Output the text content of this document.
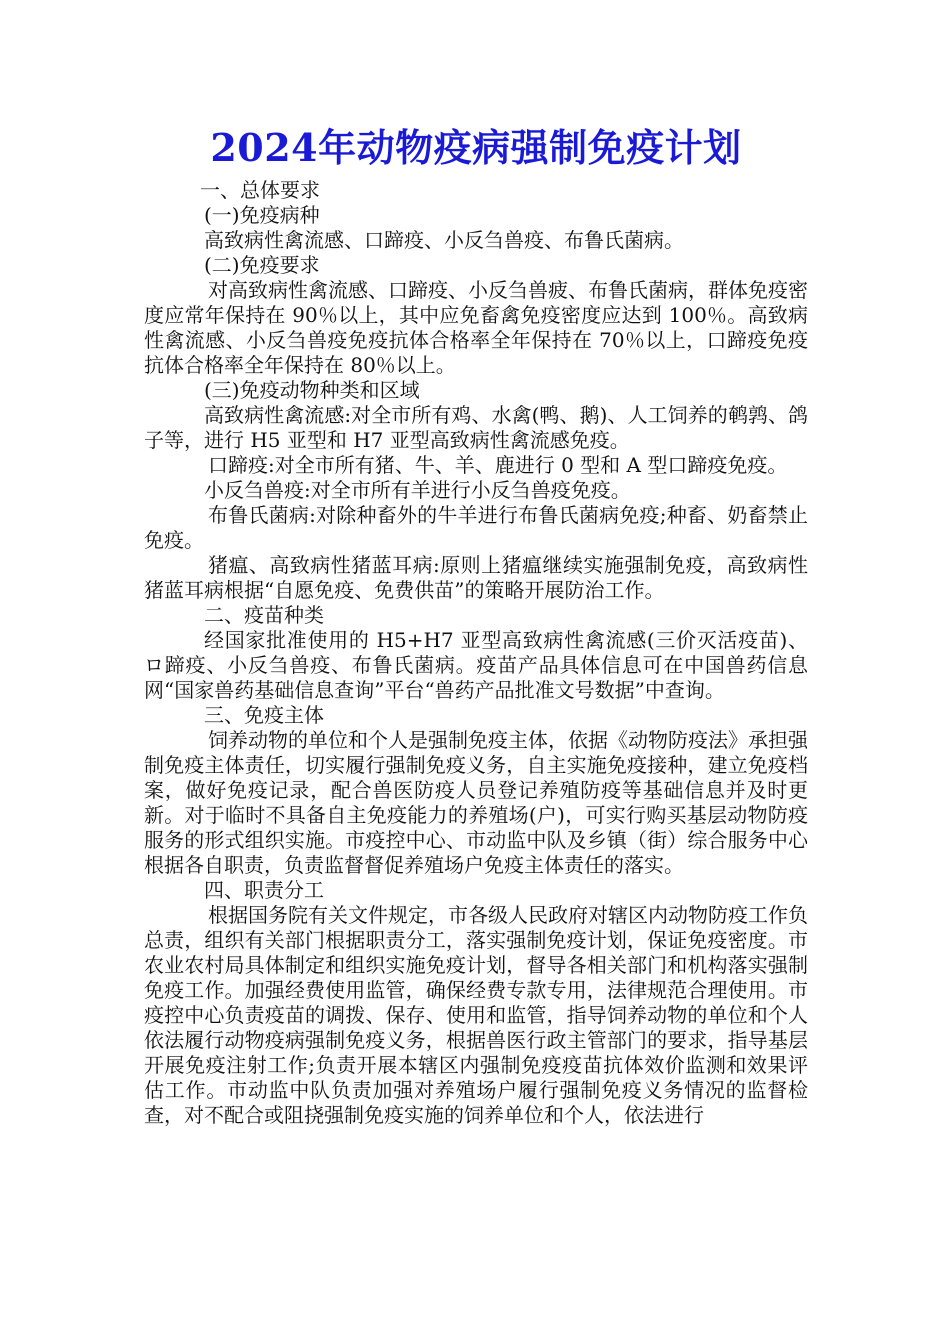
2024年动物疫病强制免疫计划

一、总体要求

(一)免疫病种

高致病性禽流感、口蹄疫、小反刍兽疫、布鲁氏菌病。

(二)免疫要求

对高致病性禽流感、口蹄疫、小反刍兽疲、布鲁氏菌病，群体免疫密度应常年保持在 90％以上，其中应免畜禽免疫密度应达到 100％。高致病性禽流感、小反刍兽疫免疫抗体合格率全年保持在 70％以上，口蹄疫免疫抗体合格率全年保持在 80％以上。

(三)免疫动物种类和区域

高致病性禽流感:对全市所有鸡、水禽(鸭、鹅)、人工饲养的鹌鹑、鸽子等，进行 H5 亚型和 H7 亚型高致病性禽流感免疫。

口蹄疫:对全市所有猪、牛、羊、鹿进行 0 型和 A 型口蹄疫免疫。

小反刍兽疫:对全市所有羊进行小反刍兽疫免疫。

布鲁氏菌病:对除种畜外的牛羊进行布鲁氏菌病免疫;种畜、奶畜禁止免疫。

猪瘟、高致病性猪蓝耳病:原则上猪瘟继续实施强制免疫，高致病性猪蓝耳病根据“自愿免疫、免费供苗”的策略开展防治工作。

二、疫苗种类

经国家批准使用的 H5+H7 亚型高致病性禽流感(三价灭活疫苗)、ロ蹄疫、小反刍兽疫、布鲁氏菌病。疫苗产品具体信息可在中国兽药信息网“国家兽药基础信息查询”平台“兽药产品批准文号数据”中查询。

三、免疫主体

饲养动物的单位和个人是强制免疫主体，依据《动物防疫法》承担强制免疫主体责任，切实履行强制免疫义务，自主实施免疫接种，建立免疫档案，做好免疫记录，配合兽医防疫人员登记养殖防疫等基础信息并及时更新。对于临时不具备自主免疫能力的养殖场(户)，可实行购买基层动物防疫服务的形式组织实施。市疫控中心、市动监中队及乡镇（街）综合服务中心根据各自职责，负责监督督促养殖场户免疫主体责任的落实。

四、职责分工

根据国务院有关文件规定，市各级人民政府对辖区内动物防疫工作负总责，组织有关部门根据职责分工，落实强制免疫计划，保证免疫密度。市农业农村局具体制定和组织实施免疫计划，督导各相关部门和机构落实强制免疫工作。加强经费使用监管，确保经费专款专用，法律规范合理使用。市疫控中心负责疫苗的调拨、保存、使用和监管，指导饲养动物的单位和个人依法履行动物疫病强制免疫义务，根据兽医行政主管部门的要求，指导基层开展免疫注射工作;负责开展本辖区内强制免疫疫苗抗体效价监测和效果评估工作。市动监中队负责加强对养殖场户履行强制免疫义务情况的监督检查，对不配合或阻挠强制免疫实施的饲养单位和个人，依法进行
